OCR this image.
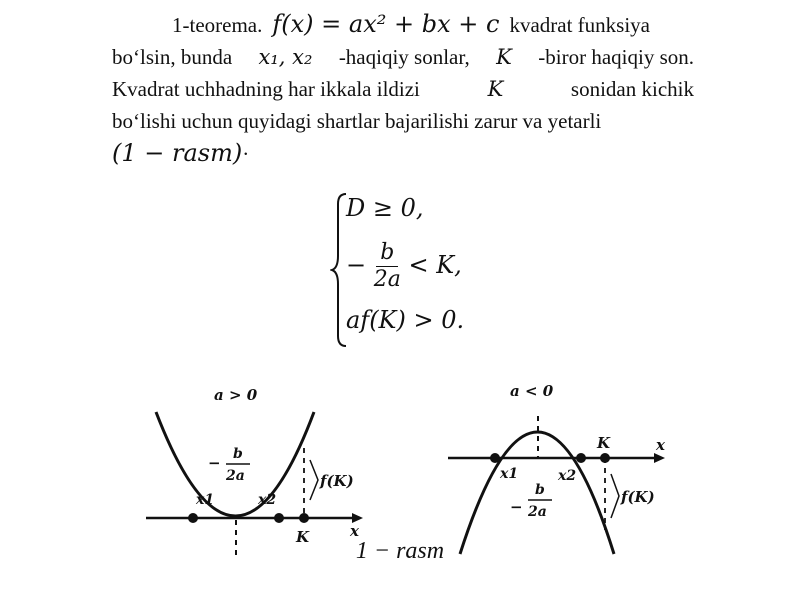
1-teorema. f(x) = ax² + bx + c kvadrat funksiya
bo‘lsin, bunda x₁, x₂ -haqiqiy sonlar, K -biror haqiqiy son.
Kvadrat uchhadning har ikkala ildizi	K	sonidan kichik
bo‘lishi uchun quyidagi shartlar bajarilishi zarur va yetarli
(1 − rasm) ·
D ≥ 0,
− $\frac{b}{2a} < K$,
af(K) > 0.
a > 0
− b
2a
x1	x2
f(K)
K	x
a < 0
x1	x2
−
b
2a
f(K)
K	x
1 − rasm
